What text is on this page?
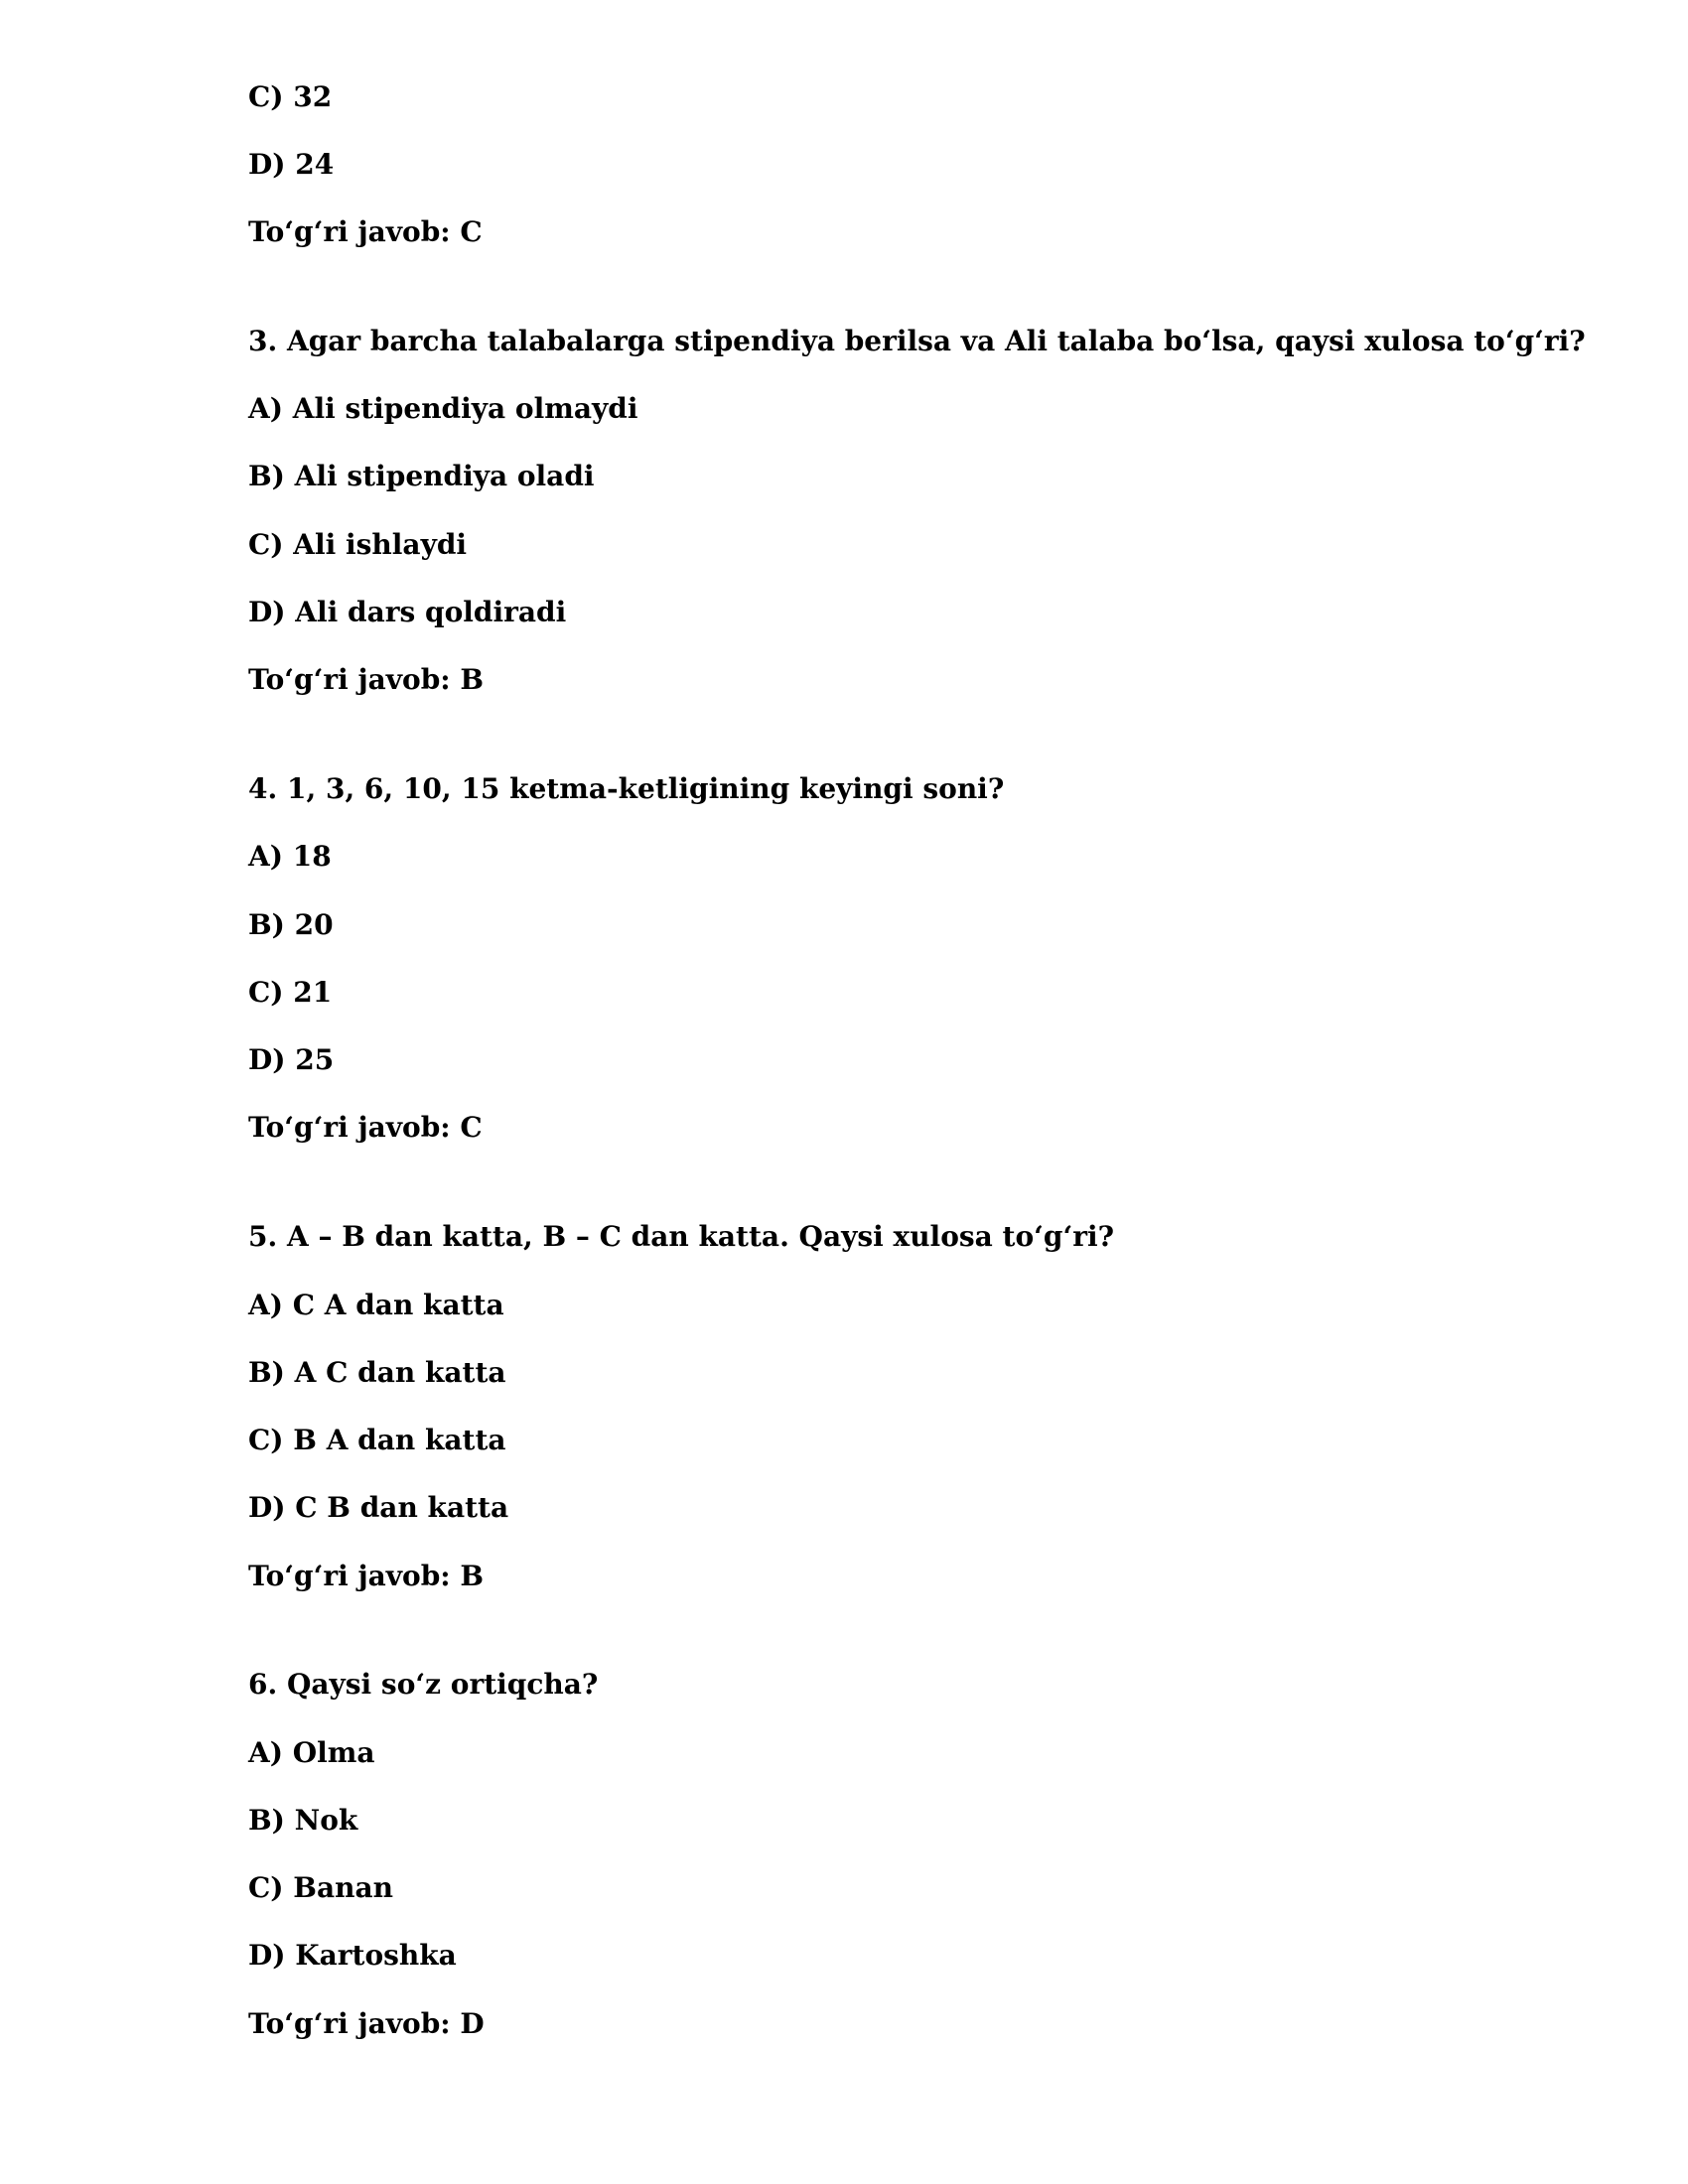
C) 32

D) 24

To‘g‘ri javob: C

3. Agar barcha talabalarga stipendiya berilsa va Ali talaba bo‘lsa, qaysi xulosa to‘g‘ri?

A) Ali stipendiya olmaydi

B) Ali stipendiya oladi

C) Ali ishlaydi

D) Ali dars qoldiradi

To‘g‘ri javob: B

4. 1, 3, 6, 10, 15 ketma-ketligining keyingi soni?

A) 18

B) 20

C) 21

D) 25

To‘g‘ri javob: C

5. A – B dan katta, B – C dan katta. Qaysi xulosa to‘g‘ri?

A) C A dan katta

B) A C dan katta

C) B A dan katta

D) C B dan katta

To‘g‘ri javob: B

6. Qaysi so‘z ortiqcha?

A) Olma

B) Nok

C) Banan

D) Kartoshka

To‘g‘ri javob: D
